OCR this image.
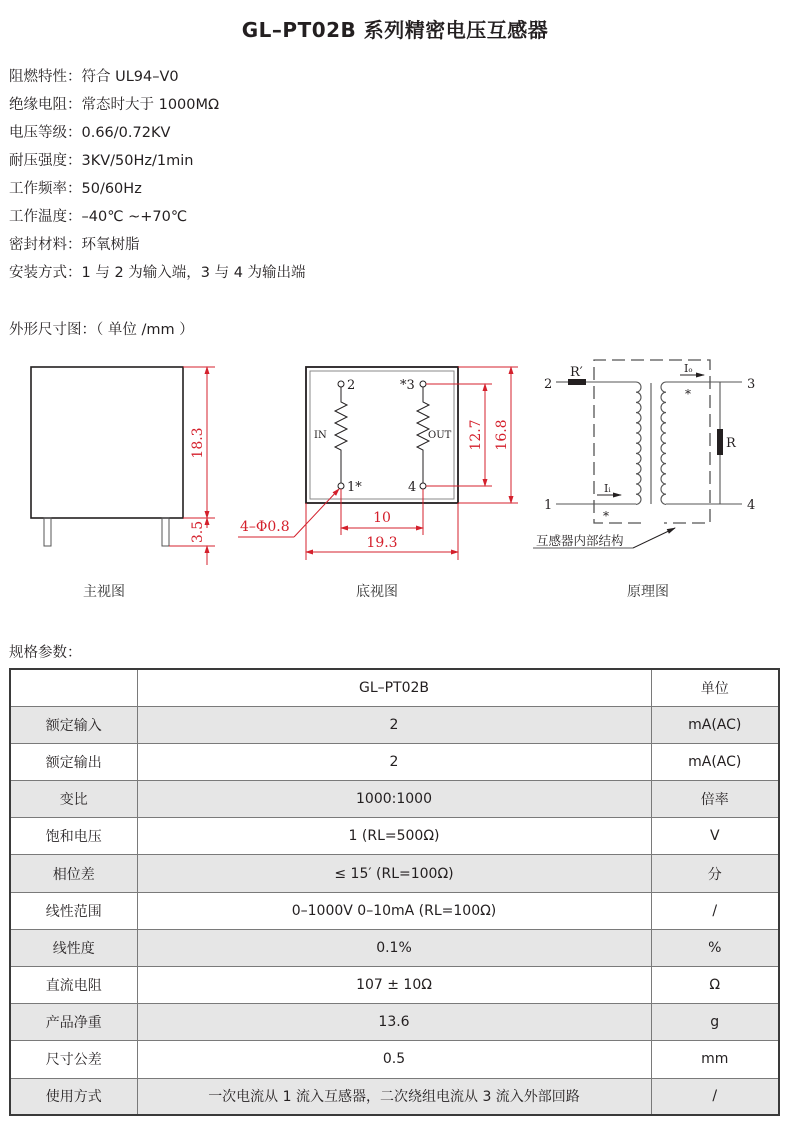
GL–PT02B 系列精密电压互感器
阻燃特性：符合 UL94–V0
绝缘电阻：常态时大于 1000MΩ
电压等级：0.66/0.72KV
耐压强度：3KV/50Hz/1min
工作频率：50/60Hz
工作温度：–40℃ ~+70℃
密封材料：环氧树脂
安装方式：1 与 2 为输入端，3 与 4 为输出端
外形尺寸图：（ 单位 /mm ）
18.3
3.5
2	*3
1*	4
IN	OUT 12.7 16.8
10
19.3
4–Φ0.8
2
1
3
4
R′
R
Iᵢ
Iₒ
*
*
互感器内部结构
主视图	底视图	原理图
规格参数：
	GL–PT02B	单位
额定输入	2	mA(AC)
额定输出	2	mA(AC)
变比	1000:1000	倍率
饱和电压	1 (RL=500Ω)	V
相位差	≤ 15′ (RL=100Ω)	分
线性范围	0–1000V 0–10mA (RL=100Ω)	/
线性度	0.1%	%
直流电阻	107 ± 10Ω	Ω
产品净重	13.6	g
尺寸公差	0.5	mm
使用方式	一次电流从 1 流入互感器，二次绕组电流从 3 流入外部回路	/
